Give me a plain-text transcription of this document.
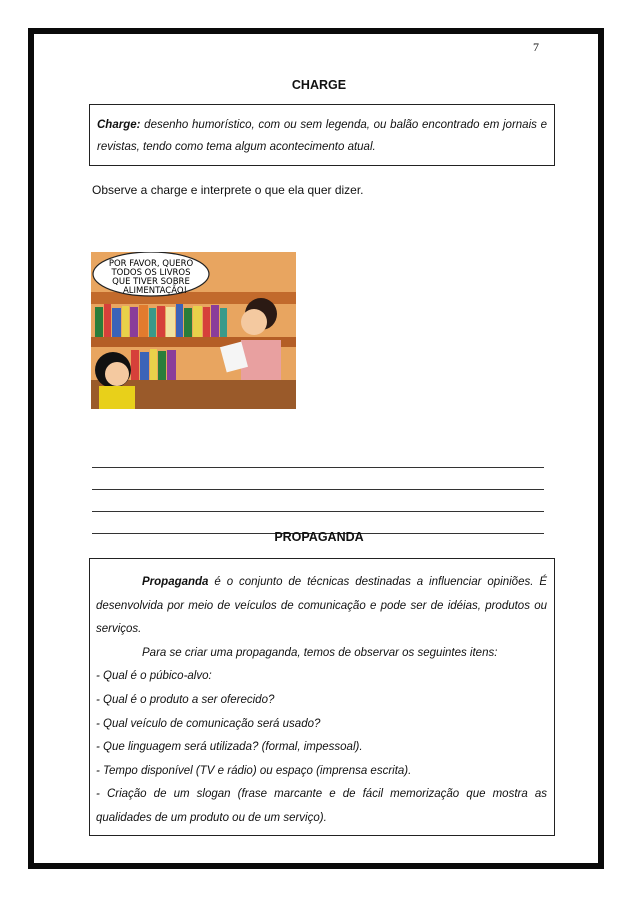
7
CHARGE
Charge: desenho humorístico, com ou sem legenda, ou balão encontrado em jornais e revistas, tendo como tema algum acontecimento atual.
Observe a charge e interprete o que ela quer dizer.
POR FAVOR, QUERO
TODOS OS LIVROS
QUE TIVER SOBRE
ALIMENTAÇÃO!
PROPAGANDA

Propaganda é o conjunto de técnicas destinadas a influenciar opiniões. É desenvolvida por meio de veículos de comunicação e pode ser de idéias, produtos ou serviços.

Para se criar uma propaganda, temos de observar os seguintes itens:

- Qual é o púbico-alvo:

- Qual é o produto a ser oferecido?

- Qual veículo de comunicação será usado?

- Que linguagem será utilizada? (formal, impessoal).

- Tempo disponível (TV e rádio) ou espaço (imprensa escrita).

- Criação de um slogan (frase marcante e de fácil memorização que mostra as qualidades de um produto ou de um serviço).
